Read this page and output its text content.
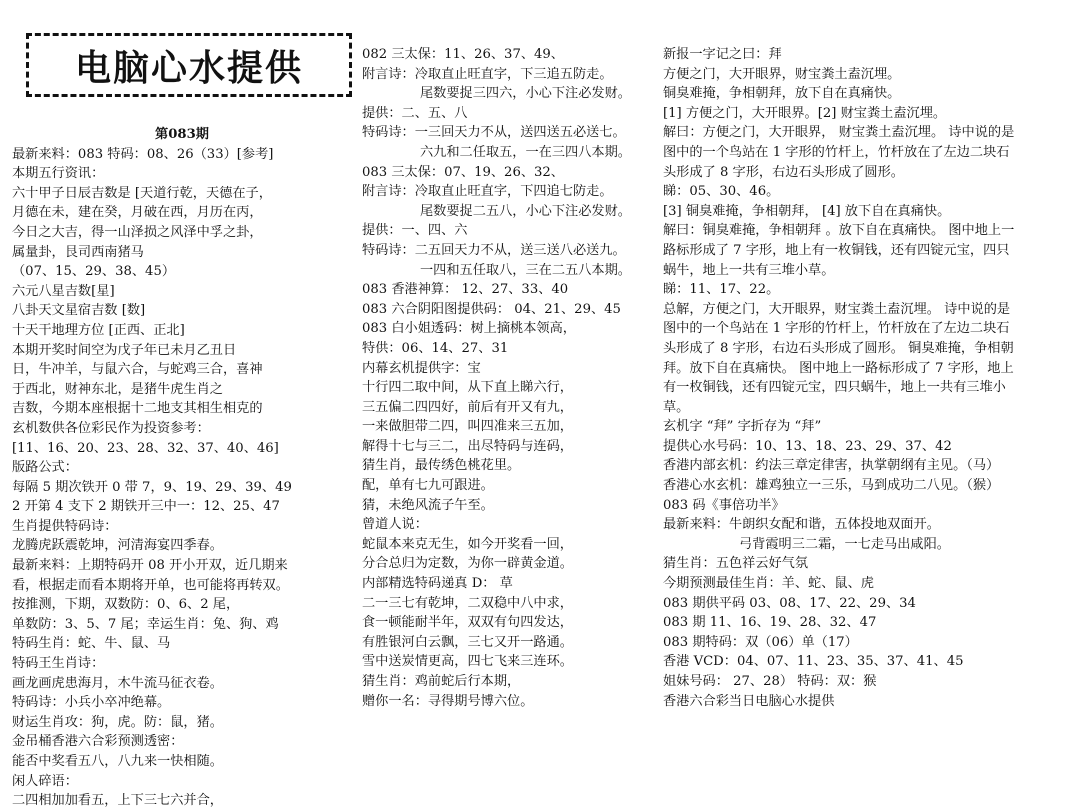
电脑心水提供
第083期
最新来料：083 特码：08、26（33）[参考]
本期五行资讯：
六十甲子日辰吉数是 [天道行乾，天德在子，
月德在未，建在癸，月破在西，月历在丙，
今日之大吉，得一山泽损之风泽中孚之卦，
属量卦，艮司西南猪马
（07、15、29、38、45）
六元八星吉数[星]
八卦天文星宿吉数 [数]
十天干地理方位 [正西、正北]
本期开奖时间空为戊子年已未月乙丑日
日，牛冲羊，与鼠六合，与蛇鸡三合，喜神
于西北，财神东北，是猪牛虎生肖之
吉数，今期本座根据十二地支其相生相克的
玄机数供各位彩民作为投资参考：
[11、16、20、23、28、32、37、40、46]
版路公式：
每隔 5 期次铁开 0 带 7，9、19、29、39、49
2 开第 4 支下 2 期铁开三中一：12、25、47
生肖提供特码诗：
龙腾虎跃震乾坤，河清海宴四季春。
最新来料：上期特码开 08 开小开双，近几期来
看，根据走而看本期将开单，也可能将再转双。
按推测，下期，双数防：0、6、2 尾，
单数防：3、5、7 尾；幸运生肖：兔、狗、鸡
特码生肖：蛇、牛、鼠、马
特码王生肖诗：
画龙画虎患海月，木牛流马征衣卷。
特码诗：小兵小卒冲绝幕。
财运生肖攻：狗，虎。防：鼠，猪。
金吊桶香港六合彩预测透密：
能否中奖看五八，八九来一快相随。
闲人碎语：
二四相加加看五，上下三七六并合，
082 三太保：11、26、37、49、
附言诗：冷取直止旺直字，下三追五防走。
尾数要捉三四六，小心下注必发财。
提供：二、五、八
特码诗：一三回天力不从，送四送五必送七。
六九和二任取五，一在三四八本期。
083 三太保：07、19、26、32、
附言诗：冷取直止旺直字，下四追七防走。
尾数要捉二五八，小心下注必发财。
提供：一、四、六
特码诗：二五回天力不从，送三送八必送九。
一四和五任取八，三在二五八本期。
083 香港神算： 12、27、33、40
083 六合阴阳图提供码： 04、21、29、45
083 白小姐透码：树上摘桃本领高，
特供：06、14、27、31
内幕玄机提供字：宝
十行四二取中间，从下直上睇六行，
三五偏二四四好，前后有开又有九，
一来做胆带二四，叫四准来三五加，
解得十七与三二，出尽特码与连码，
猜生肖，最传绣色桃花里。
配，单有七九可跟进。
猜，未绝风流子午至。
曾道人说：
蛇鼠本来克无生，如今开奖看一回，
分合总归为定数，为你一辟黄金道。
内部精选特码递真 D： 草
二一三七有乾坤，二双稳中八中求，
食一顿能耐半年，双双有句四发达，
有胜银河白云飘，三七又开一路通。
雪中送炭情更高，四七飞来三连环。
猜生肖：鸡前蛇后行本期，
赠你一名：寻得期号博六位。
新报一字记之曰：拜
方便之门，大开眼界，财宝粪土盍沉埋。
铜臭难掩，争相朝拜，放下自在真痛快。
[1] 方便之门，大开眼界。[2] 财宝粪土盍沉埋。
解曰：方便之门，大开眼界， 财宝粪土盍沉埋。 诗中说的是
图中的一个鸟站在 1 字形的竹杆上，竹杆放在了左边二块石
头形成了 8 字形，右边石头形成了圆形。
睇：05、30、46。
[3] 铜臭难掩，争相朝拜， [4] 放下自在真痛快。
解曰：铜臭难掩，争相朝拜 。放下自在真痛快。 图中地上一
路标形成了 7 字形，地上有一枚铜钱，还有四锭元宝，四只
蜗牛，地上一共有三堆小草。
睇：11、17、22。
总解，方便之门，大开眼界，财宝粪土盍沉埋。 诗中说的是
图中的一个鸟站在 1 字形的竹杆上，竹杆放在了左边二块石
头形成了 8 字形，右边石头形成了圆形。 铜臭难掩，争相朝
拜。放下自在真痛快。 图中地上一路标形成了 7 字形，地上
有一枚铜钱，还有四锭元宝，四只蜗牛，地上一共有三堆小
草。
玄机字 “拜” 字折存为 “拜”
提供心水号码：10、13、18、23、29、37、42
香港内部玄机：约法三章定律害，执掌朝纲有主见。（马）
香港心水玄机：雄鸡独立一三乐，马到成功二八见。（猴）
083 码《事倍功半》
最新来料：牛朗织女配和谐，五体投地双面开。
弓背霞明三二霜，一七走马出咸阳。
猜生肖：五色祥云好气氛
今期预测最佳生肖：羊、蛇、鼠、虎
083 期供平码 03、08、17、22、29、34
083 期 11、16、19、28、32、47
083 期特码：双（06）单（17）
香港 VCD：04、07、11、23、35、37、41、45
姐妹号码： 27、28） 特码：双：猴
香港六合彩当日电脑心水提供
